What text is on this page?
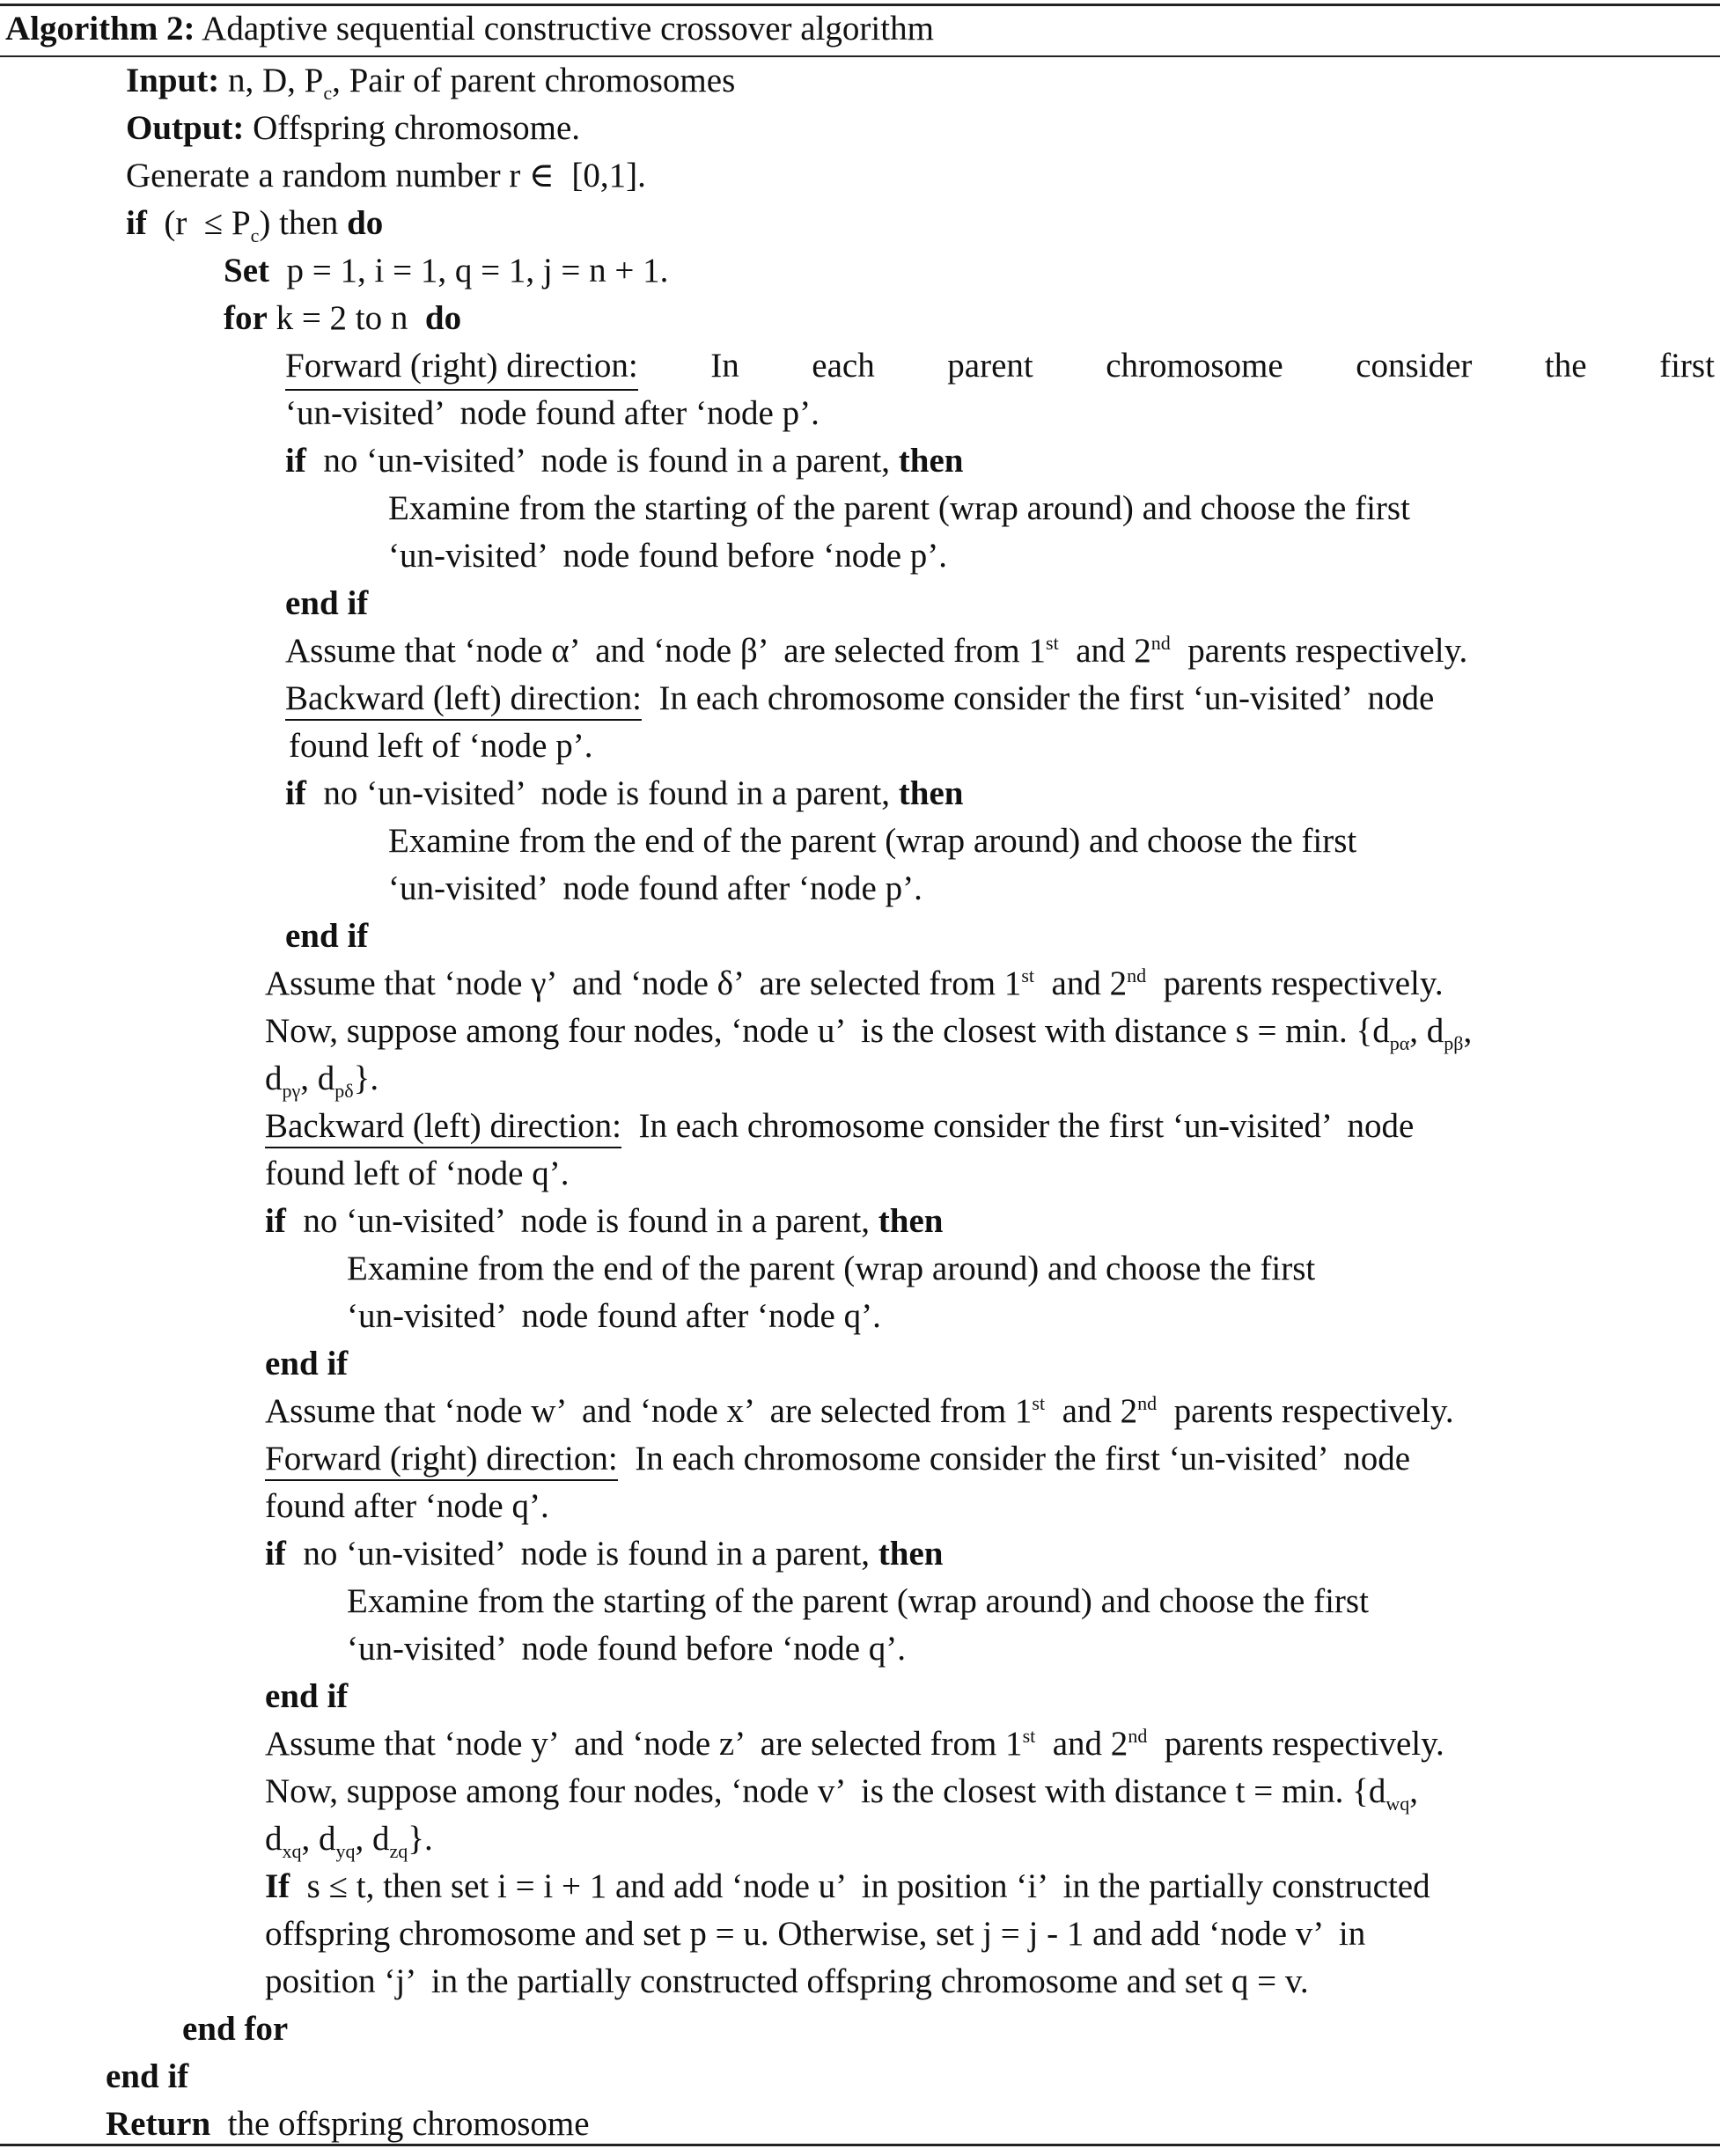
Algorithm 2: Adaptive sequential constructive crossover algorithm
Input: n, D, $P_c$, Pair of parent chromosomes
Output: Offspring chromosome.
Generate a random number r ∈  [0,1].
if  $(r \le P_c)$ then do
Set  p = 1, i = 1, q = 1, j = n + 1.
for k = 2 to n  do
Forward (right) direction: In each parent chromosome consider the first
‘un-visited’  node found after ‘node p’.
if  no ‘un-visited’  node is found in a parent, then
Examine from the starting of the parent (wrap around) and choose the first
‘un-visited’  node found before ‘node p’.
end if
Assume that ‘node α’  and ‘node β’  are selected from 1st  and 2nd  parents respectively.
Backward (left) direction:  In each chromosome consider the first ‘un-visited’  node
found left of ‘node p’.
if  no ‘un-visited’  node is found in a parent, then
Examine from the end of the parent (wrap around) and choose the first
‘un-visited’  node found after ‘node p’.
end if
Assume that ‘node γ’  and ‘node δ’  are selected from 1st  and 2nd  parents respectively.
Now, suppose among four nodes, ‘node u’  is the closest with distance s = min. {$d_{p\alpha}$, $d_{p\beta}$,
$d_{p\gamma}$, $d_{p\delta}$}.
Backward (left) direction:  In each chromosome consider the first ‘un-visited’  node
found left of ‘node q’.
if  no ‘un-visited’  node is found in a parent, then
Examine from the end of the parent (wrap around) and choose the first
‘un-visited’  node found after ‘node q’.
end if
Assume that ‘node w’  and ‘node x’  are selected from 1st  and 2nd  parents respectively.
Forward (right) direction:  In each chromosome consider the first ‘un-visited’  node
found after ‘node q’.
if  no ‘un-visited’  node is found in a parent, then
Examine from the starting of the parent (wrap around) and choose the first
‘un-visited’  node found before ‘node q’.
end if
Assume that ‘node y’  and ‘node z’  are selected from 1st  and 2nd  parents respectively.
Now, suppose among four nodes, ‘node v’  is the closest with distance t = min. {$d_{wq}$,
$d_{xq}$, $d_{yq}$, $d_{zq}$}.
If  s ≤ t, then set i = i + 1 and add ‘node u’  in position ‘i’  in the partially constructed
offspring chromosome and set p = u. Otherwise, set j = j - 1 and add ‘node v’  in
position ‘j’  in the partially constructed offspring chromosome and set q = v.
end for
end if
Return  the offspring chromosome
